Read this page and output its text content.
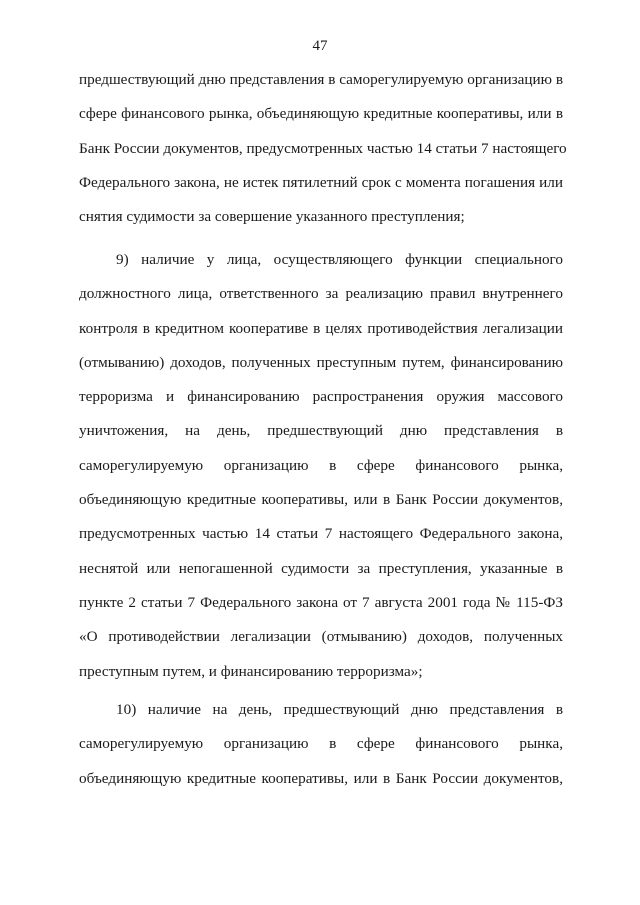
47
предшествующий дню представления в саморегулируемую организацию в
сфере финансового рынка, объединяющую кредитные кооперативы, или в
Банк России документов, предусмотренных частью 14 статьи 7 настоящего
Федерального закона, не истек пятилетний срок с момента погашения или
снятия судимости за совершение указанного преступления;
9) наличие у лица, осуществляющего функции специального
должностного лица, ответственного за реализацию правил внутреннего
контроля в кредитном кооперативе в целях противодействия легализации
(отмыванию) доходов, полученных преступным путем, финансированию
терроризма и финансированию распространения оружия массового
уничтожения, на день, предшествующий дню представления в
саморегулируемую организацию в сфере финансового рынка,
объединяющую кредитные кооперативы, или в Банк России документов,
предусмотренных частью 14 статьи 7 настоящего Федерального закона,
неснятой или непогашенной судимости за преступления, указанные в
пункте 2 статьи 7 Федерального закона от 7 августа 2001 года № 115-ФЗ
«О противодействии легализации (отмыванию) доходов, полученных
преступным путем, и финансированию терроризма»;
10) наличие на день, предшествующий дню представления в
саморегулируемую организацию в сфере финансового рынка,
объединяющую кредитные кооперативы, или в Банк России документов,
